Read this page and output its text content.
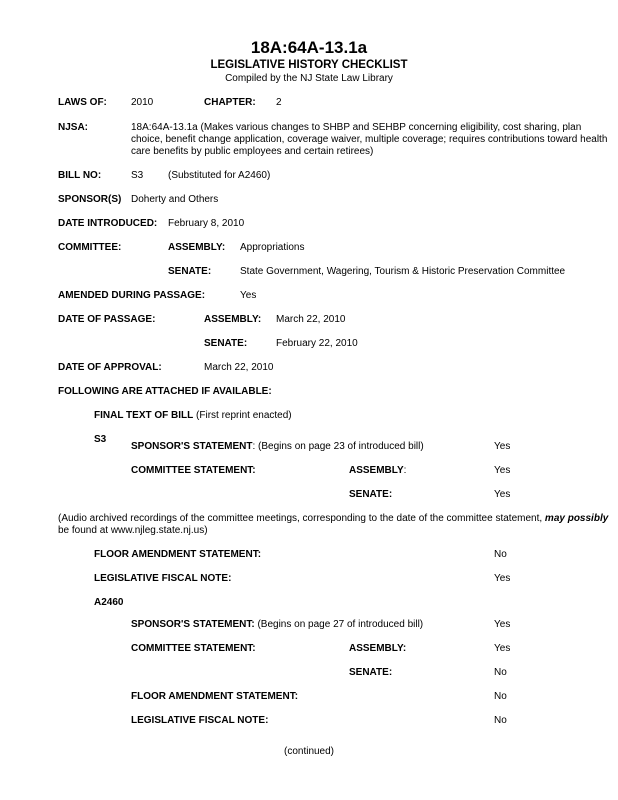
18A:64A-13.1a
LEGISLATIVE HISTORY CHECKLIST
Compiled by the NJ State Law Library
LAWS OF: 2010	CHAPTER: 2
NJSA:	18A:64A-13.1a (Makes various changes to SHBP and SEHBP concerning eligibility, cost sharing, plan choice, benefit change application, coverage waiver, multiple coverage; requires contributions toward health care benefits by public employees and certain retirees)
BILL NO:	S3 (Substituted for A2460)
SPONSOR(S) Doherty and Others
DATE INTRODUCED: February 8, 2010
COMMITTEE:	ASSEMBLY: Appropriations
SENATE:	State Government, Wagering, Tourism & Historic Preservation Committee
AMENDED DURING PASSAGE:	Yes
DATE OF PASSAGE:	ASSEMBLY: March 22, 2010
SENATE:	February 22, 2010
DATE OF APPROVAL:	March 22, 2010
FOLLOWING ARE ATTACHED IF AVAILABLE:
FINAL TEXT OF BILL (First reprint enacted)
S3
SPONSOR'S STATEMENT: (Begins on page 23 of introduced bill)	Yes
COMMITTEE STATEMENT:	ASSEMBLY:	Yes
SENATE:	Yes
(Audio archived recordings of the committee meetings, corresponding to the date of the committee statement, may possibly
be found at www.njleg.state.nj.us)
FLOOR AMENDMENT STATEMENT:	No
LEGISLATIVE FISCAL NOTE:	Yes
A2460
SPONSOR'S STATEMENT: (Begins on page 27 of introduced bill)	Yes
COMMITTEE STATEMENT:	ASSEMBLY:	Yes
SENATE:	No
FLOOR AMENDMENT STATEMENT:	No
LEGISLATIVE FISCAL NOTE:	No
(continued)
